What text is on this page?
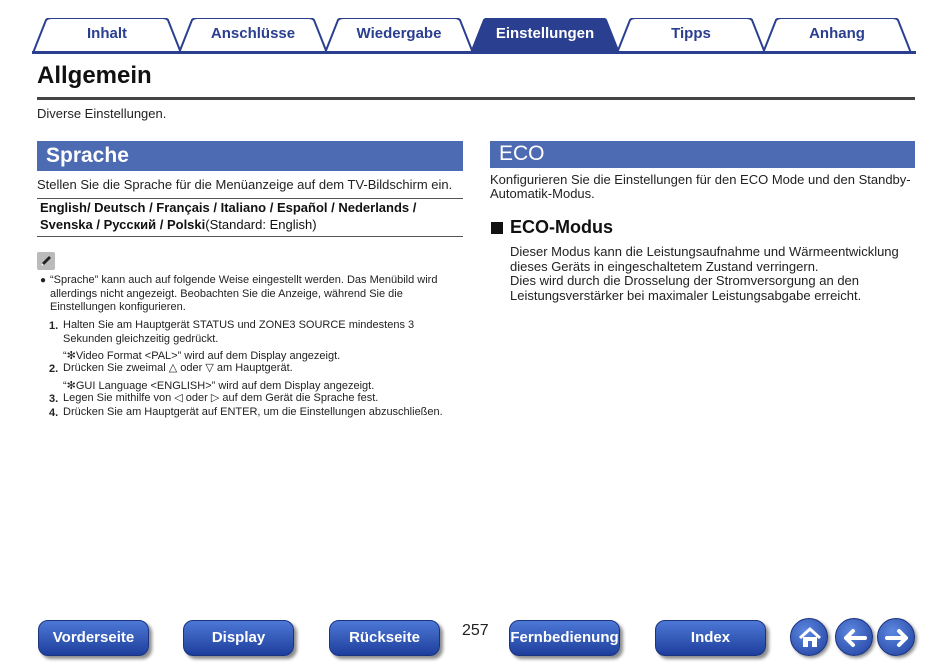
Inhalt	Anschlüsse	Wiedergabe	Einstellungen	Tipps	Anhang
Allgemein
Diverse Einstellungen.
Sprache
Stellen Sie die Sprache für die Menüanzeige auf dem TV-Bildschirm ein.
English/ Deutsch / Français / Italiano / Español / Nederlands /
Svenska / Русский / Polski(Standard: English)
● “Sprache” kann auch auf folgende Weise eingestellt werden. Das Menübild wird allerdings nicht angezeigt. Beobachten Sie die Anzeige, während Sie die Einstellungen konfigurieren.
1. Halten Sie am Hauptgerät STATUS und ZONE3 SOURCE mindestens 3 Sekunden gleichzeitig gedrückt.
“✻Video Format <PAL>” wird auf dem Display angezeigt.
2. Drücken Sie zweimal △ oder ▽ am Hauptgerät.
“✻GUI Language <ENGLISH>” wird auf dem Display angezeigt.
3. Legen Sie mithilfe von ◁ oder ▷ auf dem Gerät die Sprache fest.
4. Drücken Sie am Hauptgerät auf ENTER, um die Einstellungen abzuschließen.
ECO
Konfigurieren Sie die Einstellungen für den ECO Mode und den Standby-Automatik-Modus.
ECO-Modus
Dieser Modus kann die Leistungsaufnahme und Wärmeentwicklung dieses Geräts in eingeschaltetem Zustand verringern.
Dies wird durch die Drosselung der Stromversorgung an den Leistungsverstärker bei maximaler Leistungsabgabe erreicht.
Vorderseite	Display	Rückseite	257 Fernbedienung	Index
